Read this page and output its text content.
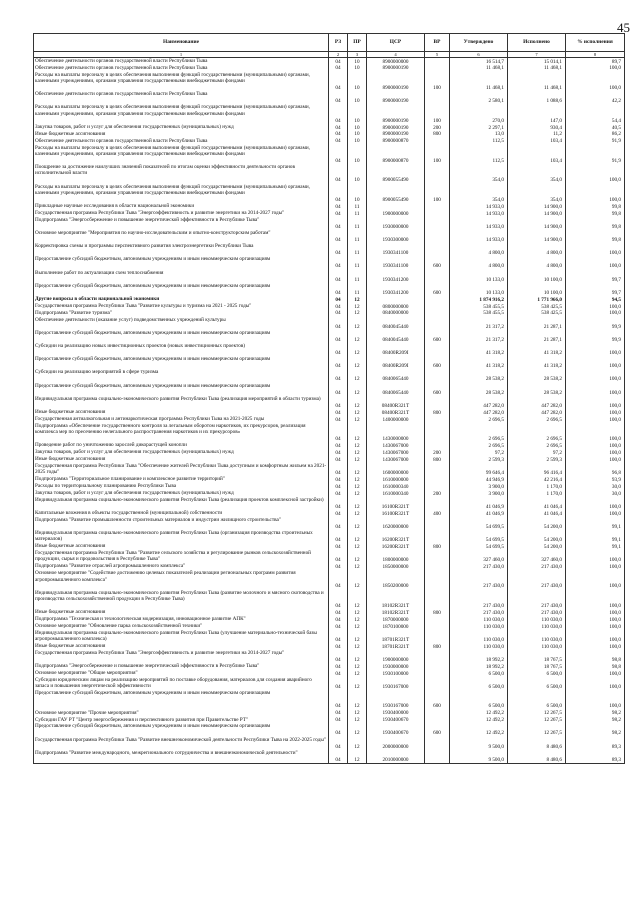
45
Наименование	РЗ	ПР	ЦСР	ВР	Утверждено	Исполнено	% исполнения
1	2	3	4	5	6	7	8
Обеспечение деятельности органов государственной власти Республики Тыва	04	10	8900000000		16 514,7	15 014,1	89,7
Обеспечение деятельности органов государственной власти Республики Тыва	04	10	8900000190		11 468,1	11 468,1	100,0
Расходы на выплаты персоналу в целях обеспечения выполнения функций государственными (муниципальными) органами, казенными учреждениями, органами управления государственными внебюджетными фондами	04	10	8900000190	100	11 468,1	11 468,1	100,0
Обеспечение деятельности органов государственной власти Республики Тыва	04	10	8900000190		2 580,1	1 088,6	42,2
Расходы на выплаты персоналу в целях обеспечения выполнения функций государственными (муниципальными) органами, казенными учреждениями, органами управления государственными внебюджетными фондами	04	10	8900000190	100	270,0	147,0	54,4
Закупка товаров, работ и услуг для обеспечения государственных (муниципальных) нужд	04	10	8900000190	200	2 297,1	930,4	40,5
Иные бюджетные ассигнования	04	10	8900000190	800	13,0	11,2	86,2
Обеспечение деятельности органов государственной власти Республики Тыва	04	10	8900000870		112,5	103,4	91,9
Расходы на выплаты персоналу в целях обеспечения выполнения функций государственными (муниципальными) органами, казенными учреждениями, органами управления государственными внебюджетными фондами	04	10	8900000870	100	112,5	103,4	91,9
Поощрение за достижение наилучших значений показателей по итогам оценки эффективности деятельности органов исполнительной власти	04	10	8900055490		354,0	354,0	100,0
Расходы на выплаты персоналу в целях обеспечения выполнения функций государственными (муниципальными) органами, казенными учреждениями, органами управления государственными внебюджетными фондами	04	10	8900055490	100	354,0	354,0	100,0
Прикладные научные исследования в области национальной экономики	04	11			14 933,0	14 900,0	99,8
Государственная программа Республики Тыва "Энергоэффективность и развитие энергетики на 2014-2027 годы"	04	11	1900000000		14 933,0	14 900,0	99,8
Подпрограмма "Энергосбережение и повышение энергетической эффективности в Республике Тыва"	04	11	1930000000		14 933,0	14 900,0	99,8
Основное мероприятие "Мероприятия по научно-исследовательским и опытно-конструкторским работам"	04	11	1930300000		14 933,0	14 900,0	99,8
Корректировка схемы и программы перспективного развития электроэнергетики Республики Тыва	04	11	1930341100		4 800,0	4 800,0	100,0
Предоставление субсидий бюджетным, автономным учреждениям и иным некоммерческим организациям	04	11	1930341100	600	4 800,0	4 800,0	100,0
Выполнение работ по актуализации схем теплоснабжения	04	11	1930341200		10 133,0	10 100,0	99,7
Предоставление субсидий бюджетным, автономным учреждениям и иным некоммерческим организациям	04	11	1930341200	600	10 133,0	10 100,0	99,7
Другие вопросы в области национальной экономики	04	12			1 874 916,2	1 771 966,0	94,5
Государственная программа Республики Тыва "Развитие культуры и туризма на 2021 - 2025 годы"	04	12	0800000000		538 455,5	538 425,5	100,0
Подпрограмма "Развитие туризма"	04	12	0840000000		538 455,5	538 425,5	100,0
Обеспечение деятельности (оказание услуг) подведомственных учреждений культуры	04	12	0840045440		21 317,2	21 287,1	99,9
Предоставление субсидий бюджетным, автономным учреждениям и иным некоммерческим организациям	04	12	0840045440	600	21 317,2	21 287,1	99,9
Субсидии на реализацию новых инвестиционных проектов (новых инвестиционных проектов)	04	12	08400R209I		41 318,2	41 318,2	100,0
Предоставление субсидий бюджетным, автономным учреждениям и иным некоммерческим организациям	04	12	08400R209I	600	41 318,2	41 318,2	100,0
Субсидии на реализацию мероприятий в сфере туризма	04	12	0840065440		28 538,2	28 538,2	100,0
Предоставление субсидий бюджетным, автономным учреждениям и иным некоммерческим организациям	04	12	0840065440	600	28 538,2	28 538,2	100,0
Индивидуальная программа социально-экономического развития Республики Тыва (реализация мероприятий в области туризма)	04	12	08400R321T		447 282,0	447 282,0	100,0
Иные бюджетные ассигнования	04	12	08400R321T	800	447 282,0	447 282,0	100,0
Государственная антиалкогольная и антинаркотическая программа Республики Тыва на 2021-2025 годы	04	12	1400000000		2 696,5	2 696,5	100,0
Подпрограмма «Обеспечение государственного контроля за легальным оборотом наркотиков, их прекурсоров, реализация комплекса мер по пресечению нелегального распространения наркотиков и их прекурсоров»	04	12	1430000000		2 696,5	2 696,5	100,0
Проведение работ по уничтожению зарослей дикорастущей конопли	04	12	1430067000		2 696,5	2 696,5	100,0
Закупка товаров, работ и услуг для обеспечения государственных (муниципальных) нужд	04	12	1430067000	200	97,2	97,2	100,0
Иные бюджетные ассигнования	04	12	1430067000	800	2 599,3	2 599,3	100,0
Государственная программа Республики Тыва "Обеспечение жителей Республики Тыва доступным и комфортным жильем на 2021-2025 годы"	04	12	1600000000		99 646,4	96 416,4	96,8
Подпрограмма "Территориальное планирование и комплексное развитие территорий"	04	12	1610000000		44 946,9	42 216,4	93,9
Расходы по территориальному планированию Республики Тыва	04	12	1610000340		3 900,0	1 170,0	30,0
Закупка товаров, работ и услуг для обеспечения государственных (муниципальных) нужд	04	12	1610000340	200	3 900,0	1 170,0	30,0
Индивидуальная программа социально-экономического развития Республики Тыва (реализация проектов комплексной застройки)	04	12	16100R321T		41 046,9	41 046,4	100,0
Капитальные вложения в объекты государственной (муниципальной) собственности	04	12	16100R321T	400	41 046,9	41 046,4	100,0
Подпрограмма "Развитие промышленности строительных материалов и индустрии жилищного строительства"	04	12	1620000000		54 699,5	54 200,0	99,1
Индивидуальная программа социально-экономического развития Республики Тыва (организация производства строительных материалов)	04	12	16200R321T		54 699,5	54 200,0	99,1
Иные бюджетные ассигнования	04	12	16200R321T	800	54 699,5	54 200,0	99,1
Государственная программа Республики Тыва "Развитие сельского хозяйства и регулирование рынков сельскохозяйственной продукции, сырья и продовольствия в Республике Тыва"	04	12	1800000000		327 460,0	327 460,0	100,0
Подпрограмма "Развитие отраслей агропромышленного комплекса"	04	12	1850000000		217 430,0	217 430,0	100,0
Основное мероприятие "Содействие достижению целевых показателей реализации региональных программ развития агропромышленного комплекса"	04	12	1850200000		217 430,0	217 430,0	100,0
Индивидуальная программа социально-экономического развития Республики Тыва (развитие молочного и мясного скотоводства и производства сельскохозяйственной продукции в Республике Тыва)	04	12	18102R321T		217 430,0	217 430,0	100,0
Иные бюджетные ассигнования	04	12	18102R321T	800	217 430,0	217 430,0	100,0
Подпрограмма "Техническая и технологическая модернизация, инновационное развитие АПК"	04	12	1870000000		110 030,0	110 030,0	100,0
Основное мероприятие "Обновление парка сельскохозяйственной техники"	04	12	1870100000		110 030,0	110 030,0	100,0
Индивидуальная программа социально-экономического развития Республики Тыва (улучшение материально-технической базы агропромышленного комплекса)	04	12	18701R321T		110 030,0	110 030,0	100,0
Иные бюджетные ассигнования	04	12	18701R321T	800	110 030,0	110 030,0	100,0
Государственная программа Республики Тыва "Энергоэффективность и развитие энергетики на 2014-2027 годы"	04	12	1900000000		18 992,2	18 767,5	98,8
Подпрограмма "Энергосбережение и повышение энергетической эффективности в Республике Тыва"	04	12	1930000000		18 992,2	18 767,5	98,8
Основное мероприятие "Общие мероприятия"	04	12	1930100000		6 500,0	6 500,0	100,0
Субсидии юридическим лицам на реализацию мероприятий по поставке оборудования, материалов для создания аварийного запаса и повышения энергетической эффективности	04	12	1930167000		6 500,0	6 500,0	100,0
Предоставление субсидий бюджетным, автономным учреждениям и иным некоммерческим организациям	04	12	1930167000	600	6 500,0	6 500,0	100,0
Основное мероприятие "Прочие мероприятия"	04	12	1930400000		12 492,2	12 267,5	98,2
Субсидии ГАУ РТ "Центр энергосбережения и перспективного развития при Правительстве РТ"	04	12	1930400670		12 492,2	12 267,5	98,2
Предоставление субсидий бюджетным, автономным учреждениям и иным некоммерческим организациям	04	12	1930400670	600	12 492,2	12 267,5	98,2
Государственная программа Республики Тыва "Развитие внешнеэкономической деятельности Республики Тыва на 2022-2025 годы"	04	12	2000000000		9 500,0	8 480,6	89,3
Подпрограмма "Развитие международного, межрегионального сотрудничества и внешнеэкономической деятельности"	04	12	2010000000		9 500,0	8 480,6	89,3
